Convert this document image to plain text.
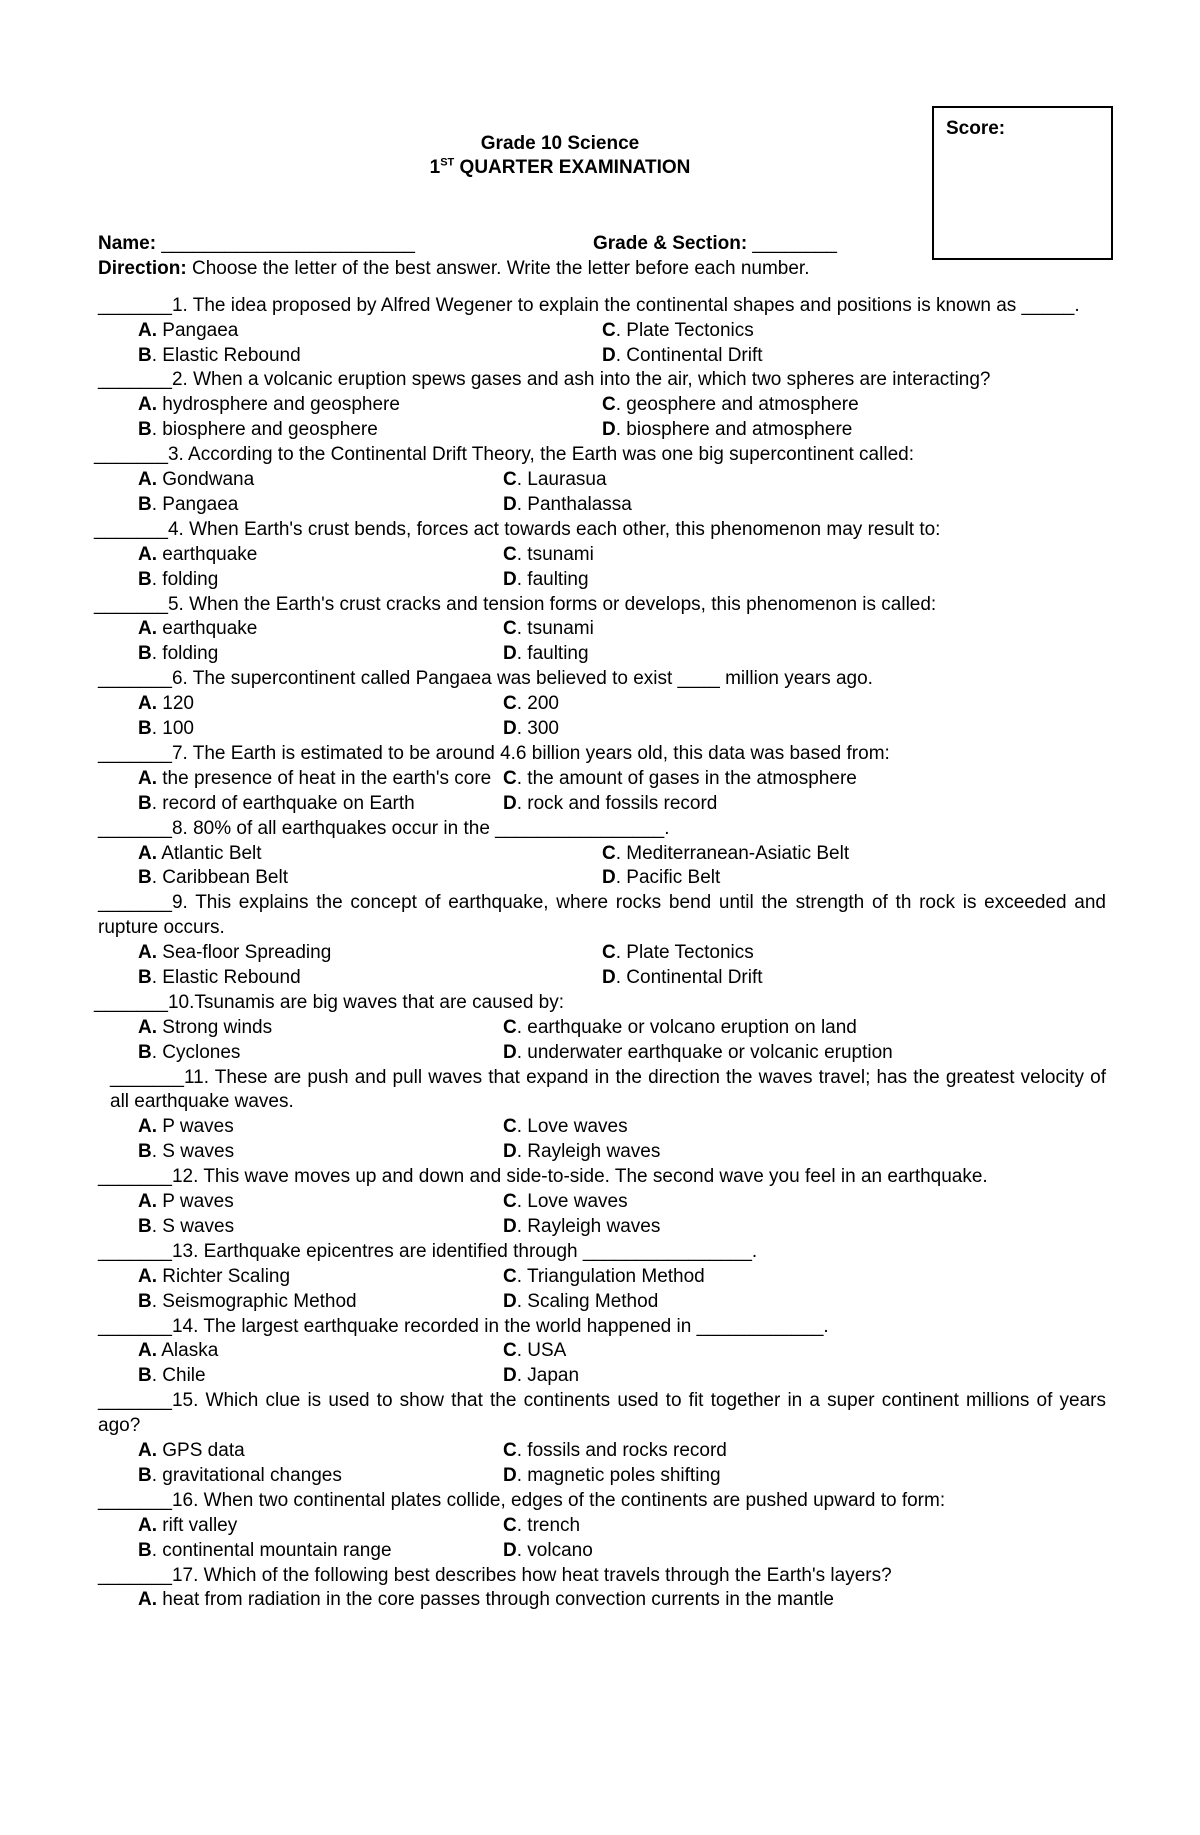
Score:
Grade 10 Science
1ST QUARTER EXAMINATION
Name: ________________________	Grade & Section: ________
Direction: Choose the letter of the best answer. Write the letter before each number.
_______1. The idea proposed by Alfred Wegener to explain the continental shapes and positions is known as _____.
A. Pangaea	C. Plate Tectonics
B. Elastic Rebound	D. Continental Drift
_______2. When a volcanic eruption spews gases and ash into the air, which two spheres are interacting?
A. hydrosphere and geosphere	C. geosphere and atmosphere
B. biosphere and geosphere	D. biosphere and atmosphere
_______3. According to the Continental Drift Theory, the Earth was one big supercontinent called:
A. Gondwana	C. Laurasua
B. Pangaea	D. Panthalassa
_______4. When Earth's crust bends, forces act towards each other, this phenomenon may result to:
A. earthquake	C. tsunami
B. folding	D. faulting
_______5. When the Earth's crust cracks and tension forms or develops, this phenomenon is called:
A. earthquake	C. tsunami
B. folding	D. faulting
_______6. The supercontinent called Pangaea was believed to exist ____ million years ago.
A. 120	C. 200
B. 100	D. 300
_______7. The Earth is estimated to be around 4.6 billion years old, this data was based from:
A. the presence of heat in the earth's core C. the amount of gases in the atmosphere
B. record of earthquake on Earth	D. rock and fossils record
_______8. 80% of all earthquakes occur in the ________________.
A. Atlantic Belt	C. Mediterranean-Asiatic Belt
B. Caribbean Belt	D. Pacific Belt
_______9. This explains the concept of earthquake, where rocks bend until the strength of th rock is exceeded and rupture occurs.
A. Sea-floor Spreading	C. Plate Tectonics
B. Elastic Rebound	D. Continental Drift
_______10.Tsunamis are big waves that are caused by:
A. Strong winds	C. earthquake or volcano eruption on land
B. Cyclones	D. underwater earthquake or volcanic eruption
_______11. These are push and pull waves that expand in the direction the waves travel; has the greatest velocity of all earthquake waves.
A. P waves	C. Love waves
B. S waves	D. Rayleigh waves
_______12. This wave moves up and down and side-to-side. The second wave you feel in an earthquake.
A. P waves	C. Love waves
B. S waves	D. Rayleigh waves
_______13. Earthquake epicentres are identified through ________________.
A. Richter Scaling	C. Triangulation Method
B. Seismographic Method	D. Scaling Method
_______14. The largest earthquake recorded in the world happened in ____________.
A. Alaska	C. USA
B. Chile	D. Japan
_______15. Which clue is used to show that the continents used to fit together in a super continent millions of years ago?
A. GPS data	C. fossils and rocks record
B. gravitational changes	D. magnetic poles shifting
_______16. When two continental plates collide, edges of the continents are pushed upward to form:
A. rift valley	C. trench
B. continental mountain range	D. volcano
_______17. Which of the following best describes how heat travels through the Earth's layers?
A. heat from radiation in the core passes through convection currents in the mantle
